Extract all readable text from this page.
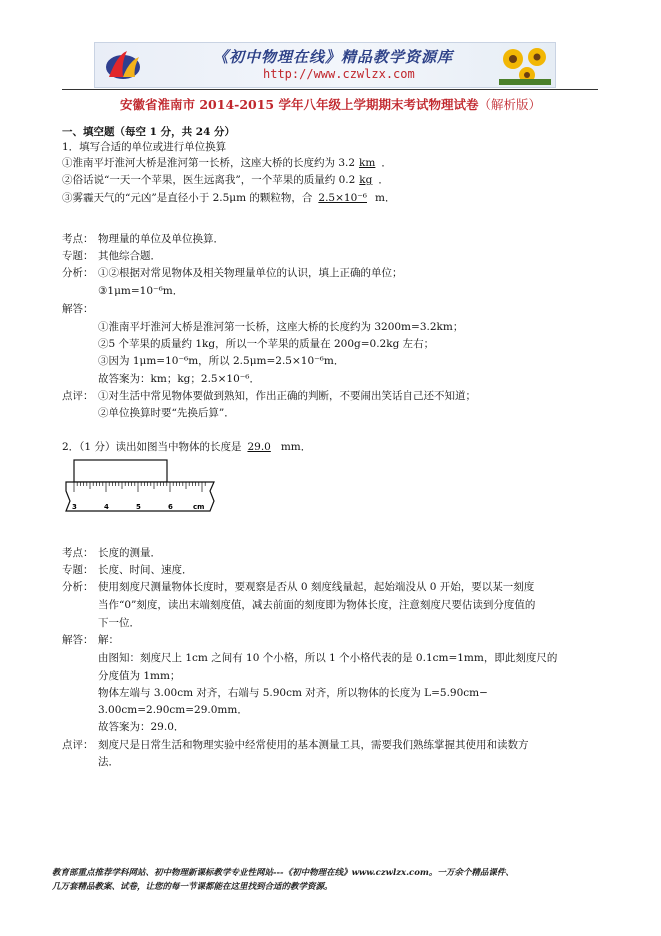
《初中物理在线》精品教学资源库
http://www.czwlzx.com
安徽省淮南市 2014-2015 学年八年级上学期期末考试物理试卷（解析版）
一、填空题（每空 1 分，共 24 分）
1．填写合适的单位或进行单位换算
①淮南平圩淮河大桥是淮河第一长桥，这座大桥的长度约为 3.2 km ．
②俗话说“一天一个苹果，医生远离我”，一个苹果的质量约 0.2 kg ．
③雾霾天气的“元凶”是直径小于 2.5μm 的颗粒物，合 2.5×10⁻⁶ m．
考点： 物理量的单位及单位换算．
专题： 其他综合题．
分析： ①②根据对常见物体及相关物理量单位的认识，填上正确的单位；
③1μm=10⁻⁶m．
解答：
①淮南平圩淮河大桥是淮河第一长桥，这座大桥的长度约为 3200m=3.2km；
②5 个苹果的质量约 1kg，所以一个苹果的质量在 200g=0.2kg 左右；
③因为 1μm=10⁻⁶m，所以 2.5μm=2.5×10⁻⁶m．
故答案为：km；kg；2.5×10⁻⁶．
点评： ①对生活中常见物体要做到熟知，作出正确的判断，不要闹出笑话自己还不知道；
②单位换算时要“先换后算”．
2．（1 分）读出如图当中物体的长度是 29.0 mm．
3	4	5	6	cm
考点： 长度的测量．
专题： 长度、时间、速度．
分析： 使用刻度尺测量物体长度时，要观察是否从 0 刻度线量起，起始端没从 0 开始，要以某一刻度
当作“0”刻度，读出末端刻度值，减去前面的刻度即为物体长度，注意刻度尺要估读到分度值的
下一位．
解答： 解：
由图知：刻度尺上 1cm 之间有 10 个小格，所以 1 个小格代表的是 0.1cm=1mm，即此刻度尺的
分度值为 1mm；
物体左端与 3.00cm 对齐，右端与 5.90cm 对齐，所以物体的长度为 L=5.90cm−
3.00cm=2.90cm=29.0mm．
故答案为：29.0．
点评： 刻度尺是日常生活和物理实验中经常使用的基本测量工具，需要我们熟练掌握其使用和读数方
法．
教育部重点推荐学科网站、初中物理新课标教学专业性网站---《初中物理在线》www.czwlzx.com。一万余个精品课件、
几万套精品教案、试卷，让您的每一节课都能在这里找到合适的教学资源。
